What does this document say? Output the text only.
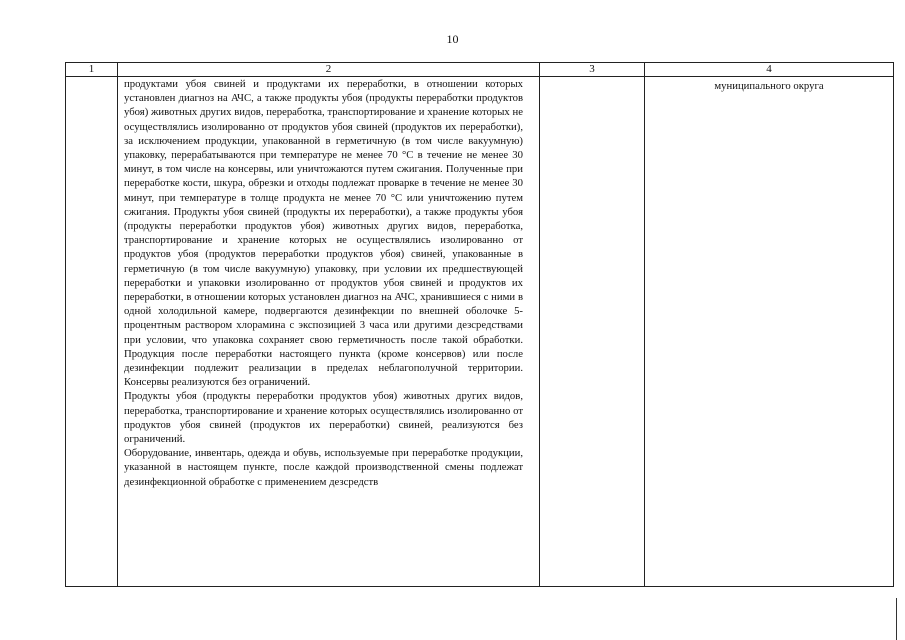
10
1	2	3	4

	продуктами убоя свиней и продуктами их переработки, в отношении которых установлен диагноз на АЧС, а также продукты убоя (продукты переработки продуктов убоя) животных других видов, переработка, транспортирование и хранение которых не осуществлялись изолированно от продуктов убоя свиней (продуктов их переработки), за исключением продукции, упакованной в герметичную (в том числе вакуумную) упаковку, перерабатываются при температуре не менее 70 °С в течение не менее 30 минут, в том числе на консервы, или уничтожаются путем сжигания. Полученные при переработке кости, шкура, обрезки и отходы подлежат проварке в течение не менее 30 минут, при температуре в толще продукта не менее 70 °С или уничтожению путем сжигания. Продукты убоя свиней (продукты их переработки), а также продукты убоя (продукты переработки продуктов убоя) животных других видов, переработка, транспортирование и хранение которых не осуществлялись изолированно от продуктов убоя (продуктов переработки продуктов убоя) свиней, упакованные в герметичную (в том числе вакуумную) упаковку, при условии их предшествующей переработки и упаковки изолированно от продуктов убоя свиней и продуктов их переработки, в отношении которых установлен диагноз на АЧС, хранившиеся с ними в одной холодильной камере, подвергаются дезинфекции по внешней оболочке 5-процентным раствором хлорамина с экспозицией 3 часа или другими дезсредствами при условии, что упаковка сохраняет свою герметичность после такой обработки. Продукция после переработки настоящего пункта (кроме консервов) или после дезинфекции подлежит реализации в пределах неблагополучной территории. Консервы реализуются без ограничений.

Продукты убоя (продукты переработки продуктов убоя) животных других видов, переработка, транспортирование и хранение которых осуществлялись изолированно от продуктов убоя свиней (продуктов их переработки) свиней, реализуются без ограничений.

Оборудование, инвентарь, одежда и обувь, используемые при переработке продукции, указанной в настоящем пункте, после каждой производственной смены подлежат дезинфекционной обработке с применением дезсредств		муниципального округа
